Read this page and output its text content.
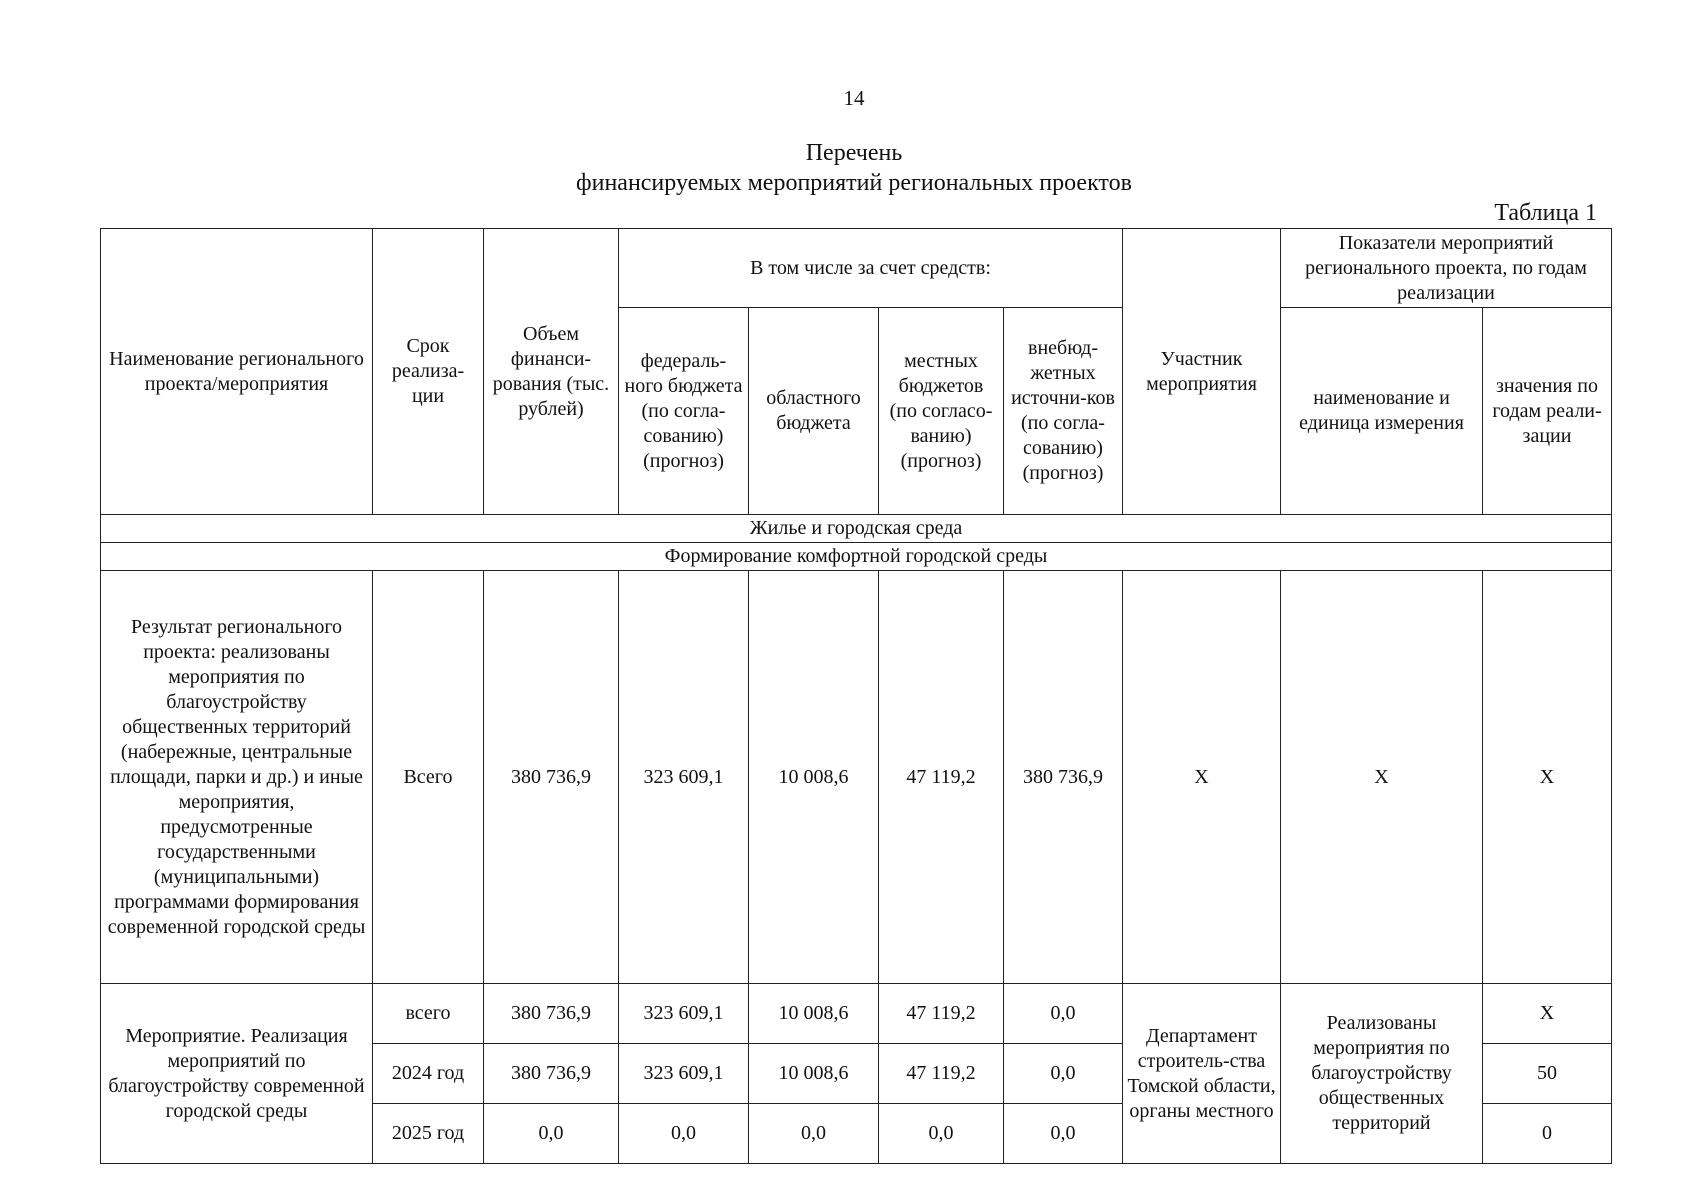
14
Перечень
финансируемых мероприятий региональных проектов
Таблица 1
Наименование регионального проекта/мероприятия	Срок реализа-ции	Объем финанси-рования (тыс. рублей)	В том числе за счет средств:				Участник мероприятия	Показатели мероприятий регионального проекта, по годам реализации	
			федераль-ного бюджета (по согла-сованию) (прогноз)	областного бюджета	местных бюджетов (по согласо-ванию) (прогноз)	внебюд-жетных источни-ков (по согла-сованию) (прогноз)		наименование и единица измерения	значения по годам реали-зации
Жилье и городская среда									
Формирование комфортной городской среды									
Результат регионального проекта: реализованы мероприятия по благоустройству общественных территорий (набережные, центральные площади, парки и др.) и иные мероприятия, предусмотренные государственными (муниципальными) программами формирования современной городской среды	Всего	380 736,9	323 609,1	10 008,6	47 119,2	380 736,9	X	X	X
Мероприятие. Реализация мероприятий по благоустройству современной городской среды	всего	380 736,9	323 609,1	10 008,6	47 119,2	0,0	Департамент строитель-ства Томской области, органы местного	Реализованы мероприятия по благоустройству общественных территорий	X
	2024 год	380 736,9	323 609,1	10 008,6	47 119,2	0,0			50
	2025 год	0,0	0,0	0,0	0,0	0,0			0
